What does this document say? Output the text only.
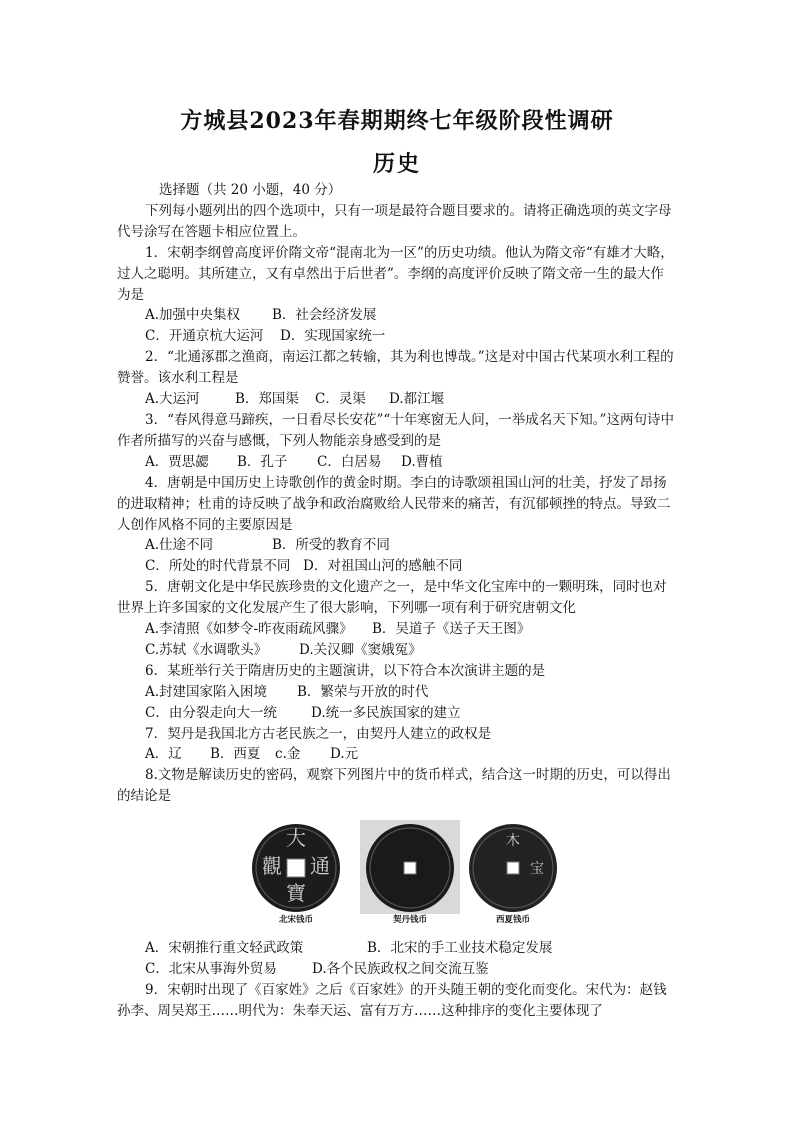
方城县2023年春期期终七年级阶段性调研
历史

选择题（共 20 小题，40 分）

下列每小题列出的四个选项中，只有一项是最符合题目要求的。请将正确选项的英文字母代号涂写在答题卡相应位置上。

1．宋朝李纲曾高度评价隋文帝“混南北为一区”的历史功绩。他认为隋文帝“有雄才大略，过人之聪明。其所建立，又有卓然出于后世者”。李纲的高度评价反映了隋文帝一生的最大作为是

A.加强中央集权 B．社会经济发展

C．开通京杭大运河 D．实现国家统一

2．“北通涿郡之渔商，南运江都之转输，其为利也博哉。”这是对中国古代某项水利工程的赞誉。该水利工程是

A.大运河	B．郑国渠 C．灵渠 D.都江堰

3．“春风得意马蹄疾，一日看尽长安花”“十年寒窗无人问，一举成名天下知。”这两句诗中作者所描写的兴奋与感慨，下列人物能亲身感受到的是

A．贾思勰 B．孔子 C．白居易 D.曹植

4．唐朝是中国历史上诗歌创作的黄金时期。李白的诗歌颂祖国山河的壮美，抒发了昂扬的进取精神；杜甫的诗反映了战争和政治腐败给人民带来的痛苦，有沉郁顿挫的特点。导致二人创作风格不同的主要原因是

A.仕途不同	B．所受的教育不同

C．所处的时代背景不同 D．对祖国山河的感触不同

5．唐朝文化是中华民族珍贵的文化遗产之一，是中华文化宝库中的一颗明珠，同时也对世界上许多国家的文化发展产生了很大影响，下列哪一项有利于研究唐朝文化

A.李清照《如梦令-昨夜雨疏风骤》 B．吴道子《送子天王图》

C.苏轼《水调歌头》 D.关汉卿《窦娥冤》

6．某班举行关于隋唐历史的主题演讲，以下符合本次演讲主题的是

A.封建国家陷入困境 B．繁荣与开放的时代

C．由分裂走向大一统	D.统一多民族国家的建立

7．契丹是我国北方古老民族之一，由契丹人建立的政权是

A．辽 B．西夏 c.金 D.元

8.文物是解读历史的密码，观察下列图片中的货币样式，结合这一时期的历史，可以得出的结论是

大
通
寶
觀
北宋钱币	契丹钱币
木
宝
西夏钱币

A．宋朝推行重文轻武政策	B．北宋的手工业技术稳定发展

C．北宋从事海外贸易	D.各个民族政权之间交流互鉴

9．宋朝时出现了《百家姓》之后《百家姓》的开头随王朝的变化而变化。宋代为：赵钱孙李、周吴郑王……明代为：朱奉天运、富有万方……这种排序的变化主要体现了
